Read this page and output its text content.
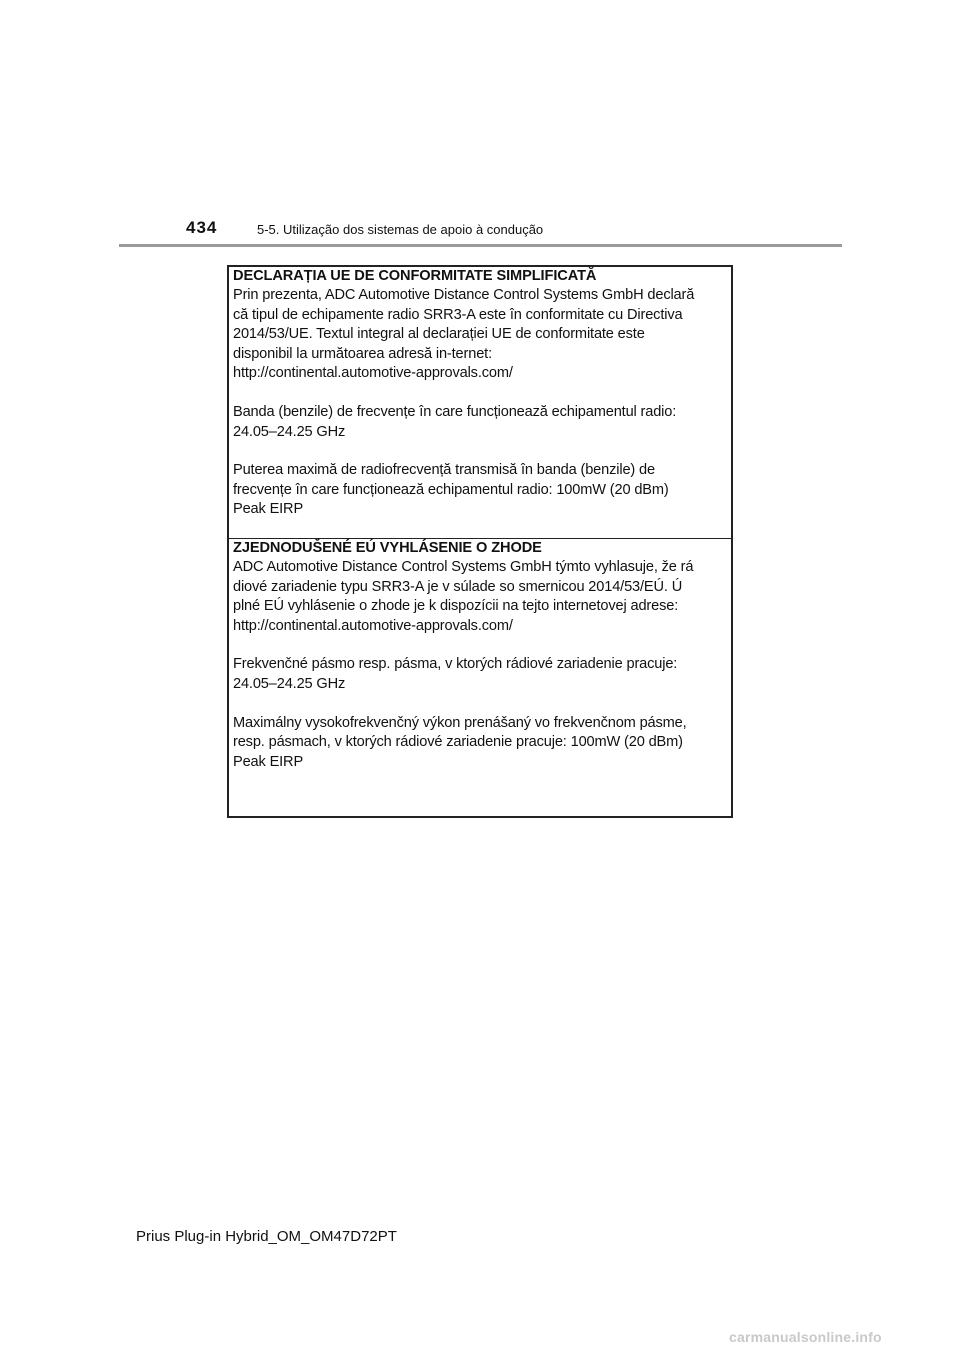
434	5-5. Utilização dos sistemas de apoio à condução

DECLARAȚIA UE DE CONFORMITATE SIMPLIFICATĂ

Prin prezenta, ADC Automotive Distance Control Systems GmbH declară
că tipul de echipamente radio SRR3-A este în conformitate cu Directiva
2014/53/UE. Textul integral al declarației UE de conformitate este
disponibil la următoarea adresă in-ternet:
http://continental.automotive-approvals.com/

Banda (benzile) de frecvențe în care funcționează echipamentul radio:
24.05–24.25 GHz

Puterea maximă de radiofrecvență transmisă în banda (benzile) de
frecvențe în care funcționează echipamentul radio: 100mW (20 dBm)
Peak EIRP

ZJEDNODUŠENÉ EÚ VYHLÁSENIE O ZHODE

ADC Automotive Distance Control Systems GmbH týmto vyhlasuje, že rá
diové zariadenie typu SRR3-A je v súlade so smernicou 2014/53/EÚ. Ú
plné EÚ vyhlásenie o zhode je k dispozícii na tejto internetovej adrese:
http://continental.automotive-approvals.com/

Frekvenčné pásmo resp. pásma, v ktorých rádiové zariadenie pracuje:
24.05–24.25 GHz

Maximálny vysokofrekvenčný výkon prenášaný vo frekvenčnom pásme,
resp. pásmach, v ktorých rádiové zariadenie pracuje: 100mW (20 dBm)
Peak EIRP

Prius Plug-in Hybrid_OM_OM47D72PT
carmanualsonline.info
